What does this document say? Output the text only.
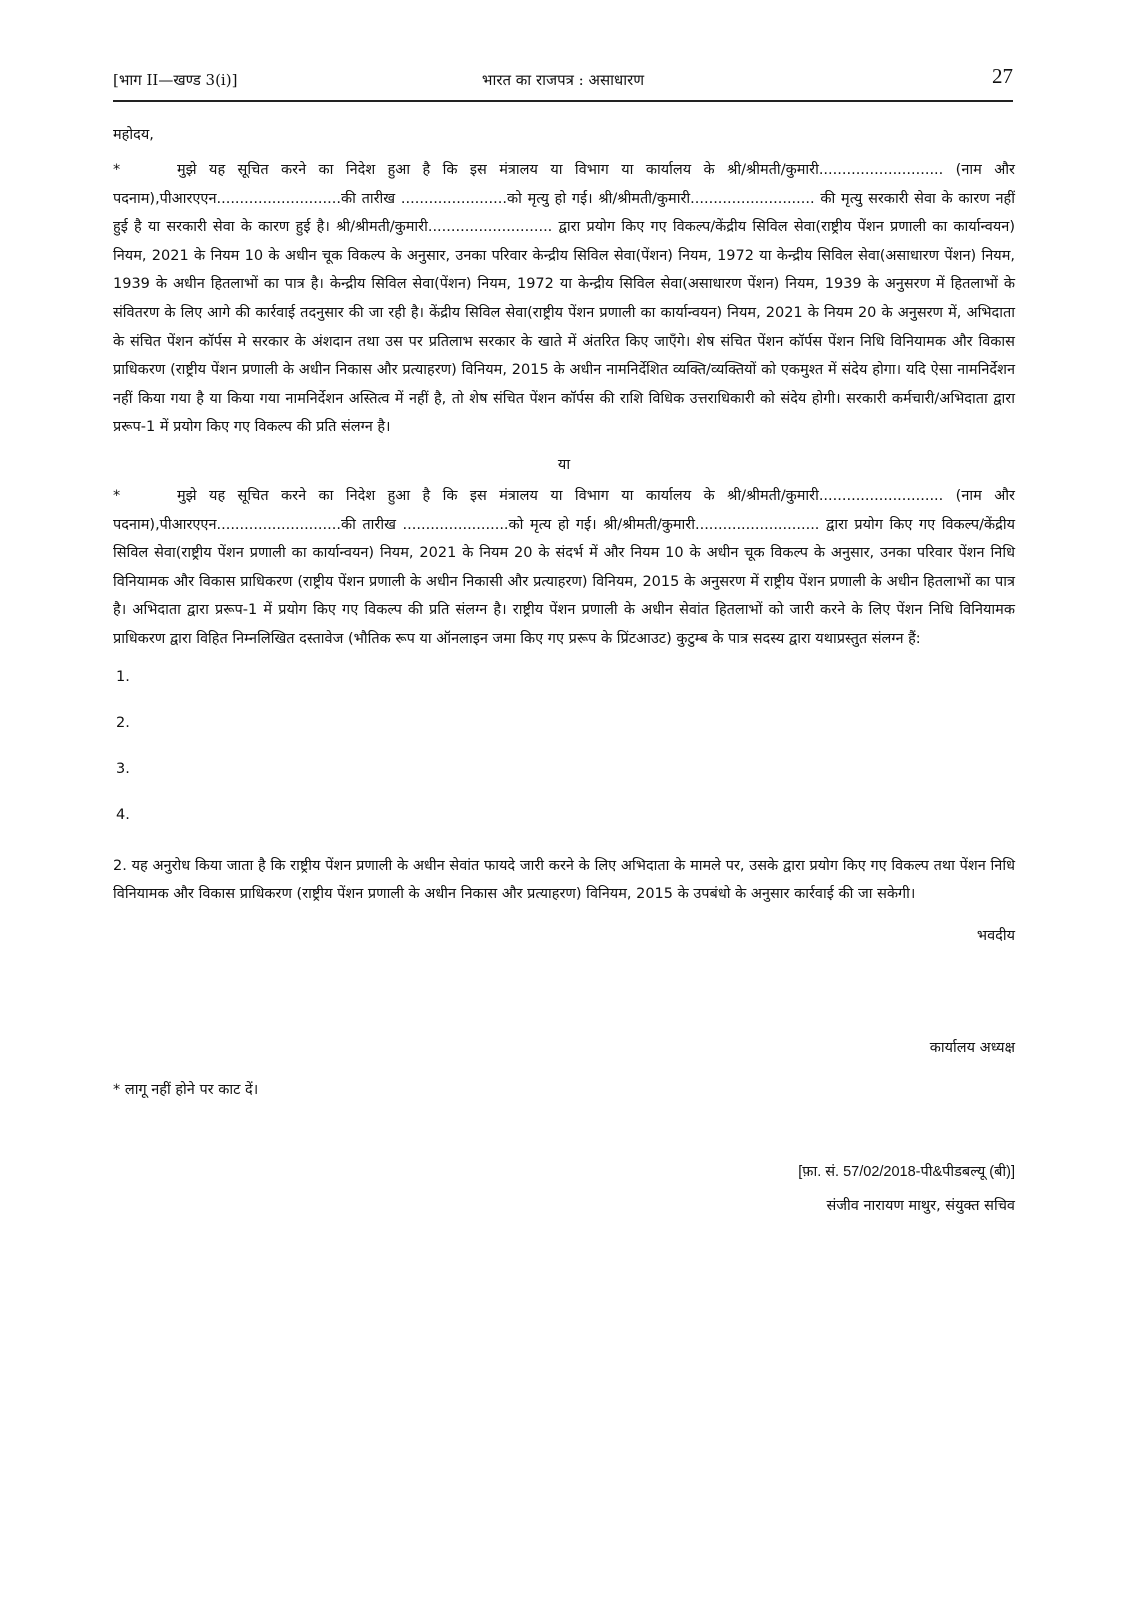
[भाग II—खण्ड 3(i)]	भारत का राजपत्र : असाधारण	27

महोदय,

*	मुझे यह सूचित करने का निदेश हुआ है कि इस मंत्रालय या विभाग या कार्यालय के श्री/श्रीमती/कुमारी........................... (नाम और पदनाम),पीआरएएन...........................की तारीख .......................को मृत्यु हो गई। श्री/श्रीमती/कुमारी........................... की मृत्यु सरकारी सेवा के कारण नहीं हुई है या सरकारी सेवा के कारण हुई है। श्री/श्रीमती/कुमारी........................... द्वारा प्रयोग किए गए विकल्प/केंद्रीय सिविल सेवा(राष्ट्रीय पेंशन प्रणाली का कार्यान्वयन) नियम, 2021 के नियम 10 के अधीन चूक विकल्प के अनुसार, उनका परिवार केन्द्रीय सिविल सेवा(पेंशन) नियम, 1972 या केन्द्रीय सिविल सेवा(असाधारण पेंशन) नियम, 1939 के अधीन हितलाभों का पात्र है। केन्द्रीय सिविल सेवा(पेंशन) नियम, 1972 या केन्द्रीय सिविल सेवा(असाधारण पेंशन) नियम, 1939 के अनुसरण में हितलाभों के संवितरण के लिए आगे की कार्रवाई तदनुसार की जा रही है। केंद्रीय सिविल सेवा(राष्ट्रीय पेंशन प्रणाली का कार्यान्वयन) नियम, 2021 के नियम 20 के अनुसरण में, अभिदाता के संचित पेंशन कॉर्पस मे सरकार के अंशदान तथा उस पर प्रतिलाभ सरकार के खाते में अंतरित किए जाएँगे। शेष संचित पेंशन कॉर्पस पेंशन निधि विनियामक और विकास प्राधिकरण (राष्ट्रीय पेंशन प्रणाली के अधीन निकास और प्रत्याहरण) विनियम, 2015 के अधीन नामनिर्देशित व्यक्ति/व्यक्तियों को एकमुश्त में संदेय होगा। यदि ऐसा नामनिर्देशन नहीं किया गया है या किया गया नामनिर्देशन अस्तित्व में नहीं है, तो शेष संचित पेंशन कॉर्पस की राशि विधिक उत्तराधिकारी को संदेय होगी। सरकारी कर्मचारी/अभिदाता द्वारा प्ररूप-1 में प्रयोग किए गए विकल्प की प्रति संलग्न है।

या

*	मुझे यह सूचित करने का निदेश हुआ है कि इस मंत्रालय या विभाग या कार्यालय के श्री/श्रीमती/कुमारी........................... (नाम और पदनाम),पीआरएएन...........................की तारीख .......................को मृत्य हो गई। श्री/श्रीमती/कुमारी........................... द्वारा प्रयोग किए गए विकल्प/केंद्रीय सिविल सेवा(राष्ट्रीय पेंशन प्रणाली का कार्यान्वयन) नियम, 2021 के नियम 20 के संदर्भ में और नियम 10 के अधीन चूक विकल्प के अनुसार, उनका परिवार पेंशन निधि विनियामक और विकास प्राधिकरण (राष्ट्रीय पेंशन प्रणाली के अधीन निकासी और प्रत्याहरण) विनियम, 2015 के अनुसरण में राष्ट्रीय पेंशन प्रणाली के अधीन हितलाभों का पात्र है। अभिदाता द्वारा प्ररूप-1 में प्रयोग किए गए विकल्प की प्रति संलग्न है। राष्ट्रीय पेंशन प्रणाली के अधीन सेवांत हितलाभों को जारी करने के लिए पेंशन निधि विनियामक प्राधिकरण द्वारा विहित निम्नलिखित दस्तावेज (भौतिक रूप या ऑनलाइन जमा किए गए प्ररूप के प्रिंटआउट) कुटुम्ब के पात्र सदस्य द्वारा यथाप्रस्तुत संलग्न हैं:

1.
2.
3.
4.

2. यह अनुरोध किया जाता है कि राष्ट्रीय पेंशन प्रणाली के अधीन सेवांत फायदे जारी करने के लिए अभिदाता के मामले पर, उसके द्वारा प्रयोग किए गए विकल्प तथा पेंशन निधि विनियामक और विकास प्राधिकरण (राष्ट्रीय पेंशन प्रणाली के अधीन निकास और प्रत्याहरण) विनियम, 2015 के उपबंधो के अनुसार कार्रवाई की जा सकेगी।

भवदीय
कार्यालय अध्यक्ष
* लागू नहीं होने पर काट दें।
[फ़ा. सं. 57/02/2018-पी&पीडबल्यू (बी)]
संजीव नारायण माथुर, संयुक्त सचिव
